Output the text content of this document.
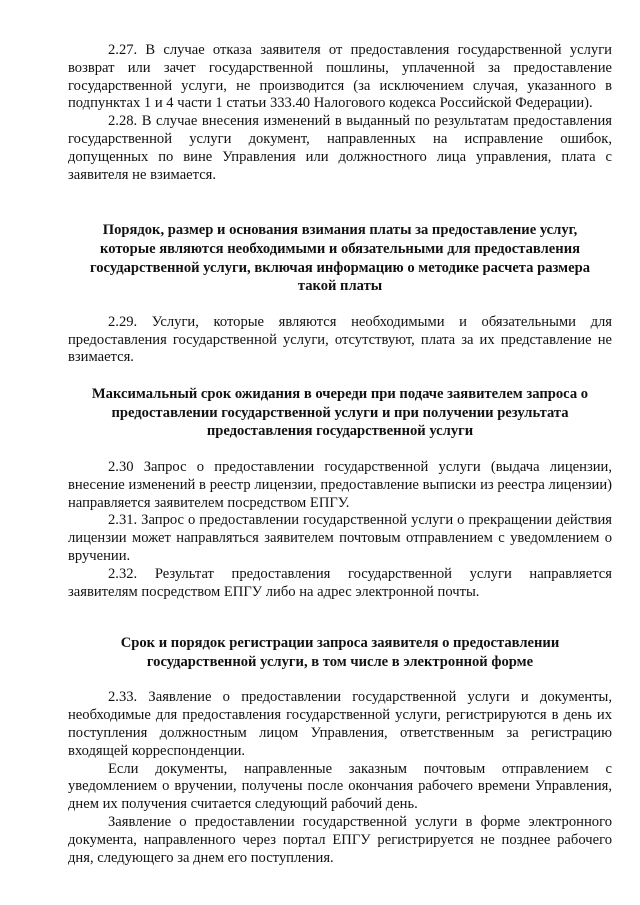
2.27. В случае отказа заявителя от предоставления государственной услуги возврат или зачет государственной пошлины, уплаченной за предоставление государственной услуги, не производится (за исключением случая, указанного в подпунктах 1 и 4 части 1 статьи 333.40 Налогового кодекса Российской Федерации).

2.28. В случае внесения изменений в выданный по результатам предоставления государственной услуги документ, направленных на исправление ошибок, допущенных по вине Управления или должностного лица управления, плата с заявителя не взимается.

Порядок, размер и основания взимания платы за предоставление услуг, которые являются необходимыми и обязательными для предоставления государственной услуги, включая информацию о методике расчета размера такой платы

2.29. Услуги, которые являются необходимыми и обязательными для предоставления государственной услуги, отсутствуют, плата за их представление не взимается.

Максимальный срок ожидания в очереди при подаче заявителем запроса о предоставлении государственной услуги и при получении результата предоставления государственной услуги

2.30 Запрос о предоставлении государственной услуги (выдача лицензии, внесение изменений в реестр лицензии, предоставление выписки из реестра лицензии) направляется заявителем посредством ЕПГУ.

2.31. Запрос о предоставлении государственной услуги о прекращении действия лицензии может направляться заявителем почтовым отправлением с уведомлением о вручении.

2.32. Результат предоставления государственной услуги направляется заявителям посредством ЕПГУ либо на адрес электронной почты.

Срок и порядок регистрации запроса заявителя о предоставлении государственной услуги, в том числе в электронной форме

2.33. Заявление о предоставлении государственной услуги и документы, необходимые для предоставления государственной услуги, регистрируются в день их поступления должностным лицом Управления, ответственным за регистрацию входящей корреспонденции.

Если документы, направленные заказным почтовым отправлением с уведомлением о вручении, получены после окончания рабочего времени Управления, днем их получения считается следующий рабочий день.

Заявление о предоставлении государственной услуги в форме электронного документа, направленного через портал ЕПГУ регистрируется не позднее рабочего дня, следующего за днем его поступления.
